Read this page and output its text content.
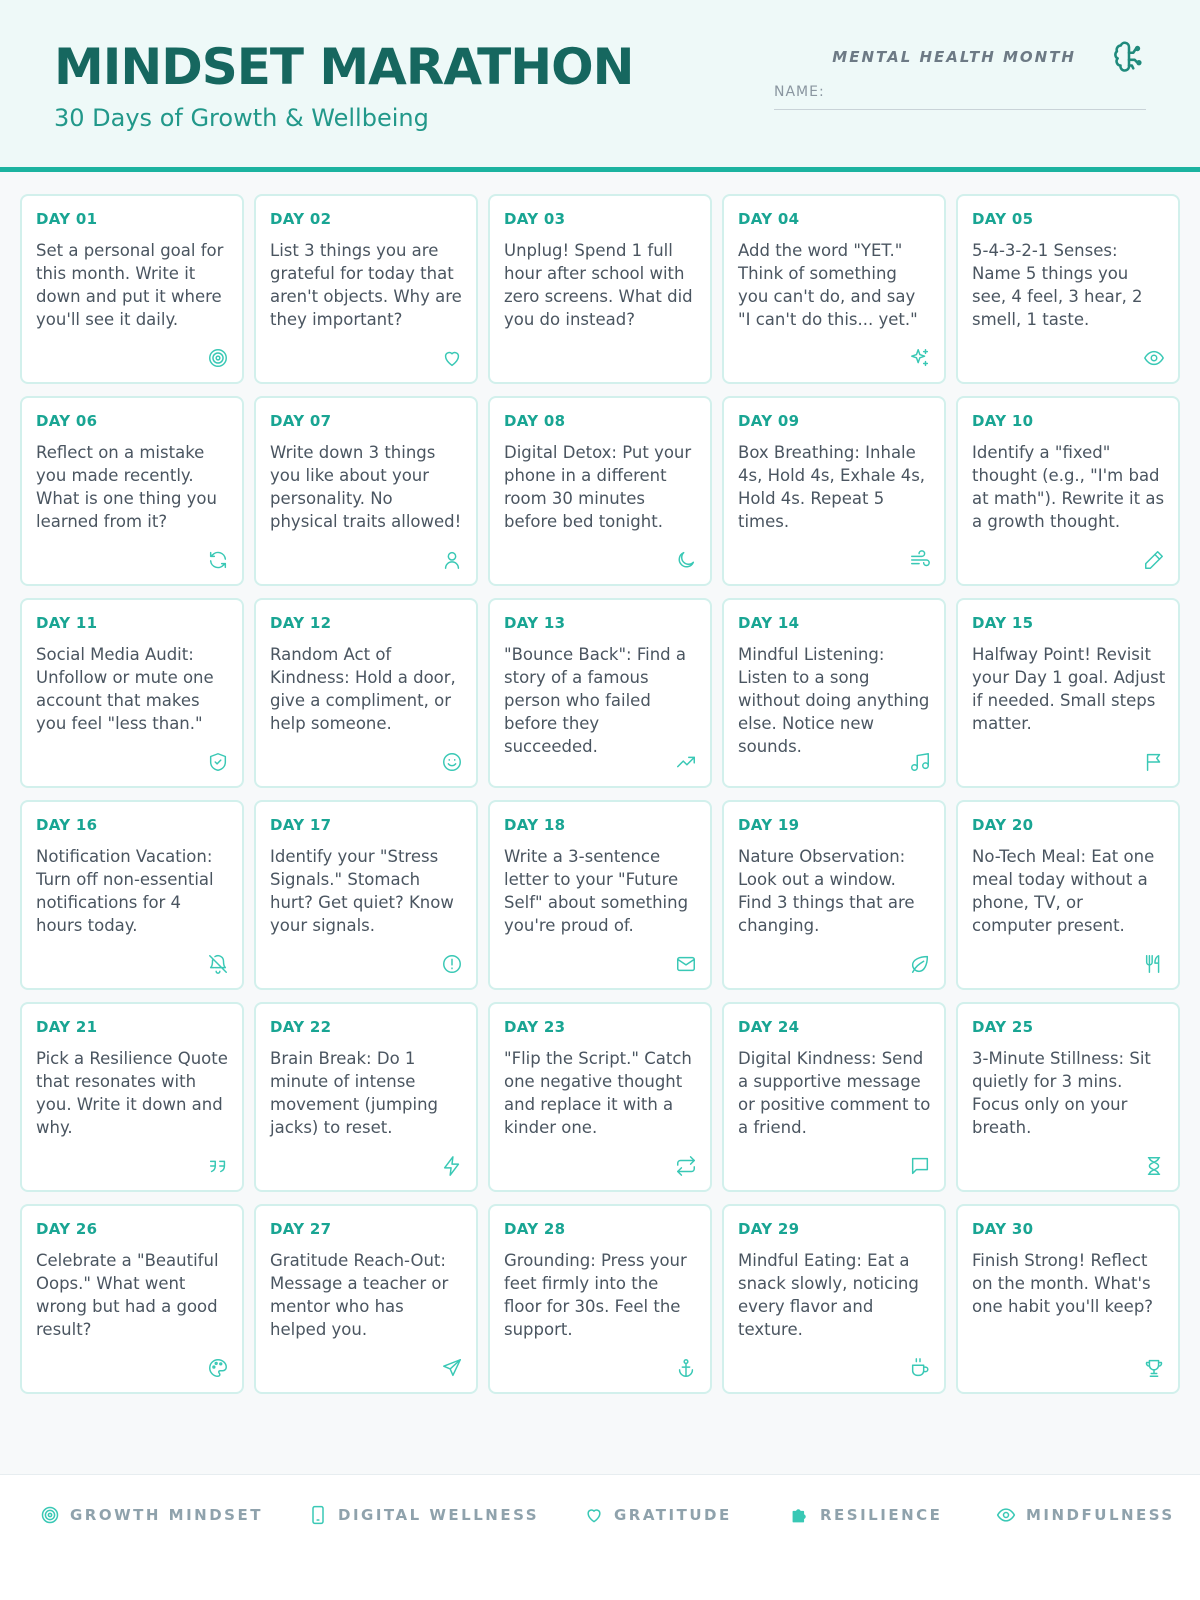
MINDSET MARATHON
30 Days of Growth & Wellbeing
MENTAL HEALTH MONTH
NAME:
DAY 01
Set a personal goal for this month. Write it down and put it where you'll see it daily.
DAY 02
List 3 things you are grateful for today that aren't objects. Why are they important?
DAY 03
Unplug! Spend 1 full hour after school with zero screens. What did you do instead?
DAY 04
Add the word "YET." Think of something you can't do, and say "I can't do this... yet."
DAY 05
5-4-3-2-1 Senses: Name 5 things you see, 4 feel, 3 hear, 2 smell, 1 taste.
DAY 06
Reflect on a mistake you made recently. What is one thing you learned from it?
DAY 07
Write down 3 things you like about your personality. No physical traits allowed!
DAY 08
Digital Detox: Put your phone in a different room 30 minutes before bed tonight.
DAY 09
Box Breathing: Inhale 4s, Hold 4s, Exhale 4s, Hold 4s. Repeat 5 times.
DAY 10
Identify a "fixed" thought (e.g., "I'm bad at math"). Rewrite it as a growth thought.
DAY 11
Social Media Audit: Unfollow or mute one account that makes you feel "less than."
DAY 12
Random Act of Kindness: Hold a door, give a compliment, or help someone.
DAY 13
"Bounce Back": Find a story of a famous person who failed before they succeeded.
DAY 14
Mindful Listening: Listen to a song without doing anything else. Notice new sounds.
DAY 15
Halfway Point! Revisit your Day 1 goal. Adjust if needed. Small steps matter.
DAY 16
Notification Vacation: Turn off non-essential notifications for 4 hours today.
DAY 17
Identify your "Stress Signals." Stomach hurt? Get quiet? Know your signals.
DAY 18
Write a 3-sentence letter to your "Future Self" about something you're proud of.
DAY 19
Nature Observation: Look out a window. Find 3 things that are changing.
DAY 20
No-Tech Meal: Eat one meal today without a phone, TV, or computer present.
DAY 21
Pick a Resilience Quote that resonates with you. Write it down and why.
DAY 22
Brain Break: Do 1 minute of intense movement (jumping jacks) to reset.
DAY 23
"Flip the Script." Catch one negative thought and replace it with a kinder one.
DAY 24
Digital Kindness: Send a supportive message or positive comment to a friend.
DAY 25
3-Minute Stillness: Sit quietly for 3 mins. Focus only on your breath.
DAY 26
Celebrate a "Beautiful Oops." What went wrong but had a good result?
DAY 27
Gratitude Reach-Out: Message a teacher or mentor who has helped you.
DAY 28
Grounding: Press your feet firmly into the floor for 30s. Feel the support.
DAY 29
Mindful Eating: Eat a snack slowly, noticing every flavor and texture.
DAY 30
Finish Strong! Reflect on the month. What's one habit you'll keep?
GROWTH MINDSET	DIGITAL WELLNESS	GRATITUDE	RESILIENCE	MINDFULNESS
